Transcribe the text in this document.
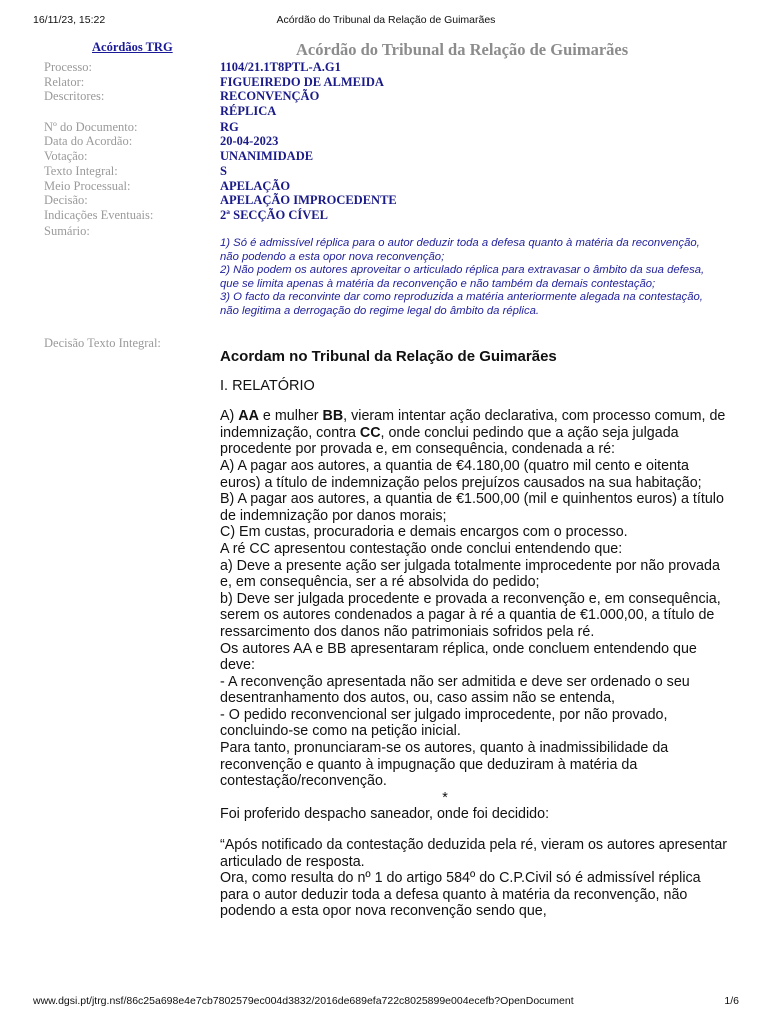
16/11/23, 15:22	Acórdão do Tribunal da Relação de Guimarães
Acórdãos TRG	Acórdão do Tribunal da Relação de Guimarães
Processo:	1104/21.1T8PTL-A.G1
Relator:	FIGUEIREDO DE ALMEIDA
Descritores:	RECONVENÇÃO
RÉPLICA
Nº do Documento:	RG
Data do Acordão:	20-04-2023
Votação:	UNANIMIDADE
Texto Integral:	S
Meio Processual:	APELAÇÃO
Decisão:	APELAÇÃO IMPROCEDENTE
Indicações Eventuais:	2ª SECÇÃO CÍVEL
Sumário:

1) Só é admissível réplica para o autor deduzir toda a defesa quanto à matéria da reconvenção, não podendo a esta opor nova reconvenção;

2) Não podem os autores aproveitar o articulado réplica para extravasar o âmbito da sua defesa, que se limita apenas à matéria da reconvenção e não também da demais contestação;

3) O facto da reconvinte dar como reproduzida a matéria anteriormente alegada na contestação, não legitima a derrogação do regime legal do âmbito da réplica.

Decisão Texto Integral:

Acordam no Tribunal da Relação de Guimarães

I. RELATÓRIO

A) AA e mulher BB, vieram intentar ação declarativa, com processo comum, de indemnização, contra CC, onde conclui pedindo que a ação seja julgada procedente por provada e, em consequência, condenada a ré:

A) A pagar aos autores, a quantia de €4.180,00 (quatro mil cento e oitenta euros) a título de indemnização pelos prejuízos causados na sua habitação;

B) A pagar aos autores, a quantia de €1.500,00 (mil e quinhentos euros) a título de indemnização por danos morais;

C) Em custas, procuradoria e demais encargos com o processo.

A ré CC apresentou contestação onde conclui entendendo que:

a) Deve a presente ação ser julgada totalmente improcedente por não provada e, em consequência, ser a ré absolvida do pedido;

b) Deve ser julgada procedente e provada a reconvenção e, em consequência, serem os autores condenados a pagar à ré a quantia de €1.000,00, a título de ressarcimento dos danos não patrimoniais sofridos pela ré.

Os autores AA e BB apresentaram réplica, onde concluem entendendo que deve:

- A reconvenção apresentada não ser admitida e deve ser ordenado o seu desentranhamento dos autos, ou, caso assim não se entenda,

- O pedido reconvencional ser julgado improcedente, por não provado, concluindo-se como na petição inicial.

Para tanto, pronunciaram-se os autores, quanto à inadmissibilidade da reconvenção e quanto à impugnação que deduziram à matéria da contestação/reconvenção.

*

Foi proferido despacho saneador, onde foi decidido:

“Após notificado da contestação deduzida pela ré, vieram os autores apresentar articulado de resposta.

Ora, como resulta do nº 1 do artigo 584º do C.P.Civil só é admissível réplica para o autor deduzir toda a defesa quanto à matéria da reconvenção, não podendo a esta opor nova reconvenção sendo que,

www.dgsi.pt/jtrg.nsf/86c25a698e4e7cb7802579ec004d3832/2016de689efa722c8025899e004ecefb?OpenDocument	1/6
